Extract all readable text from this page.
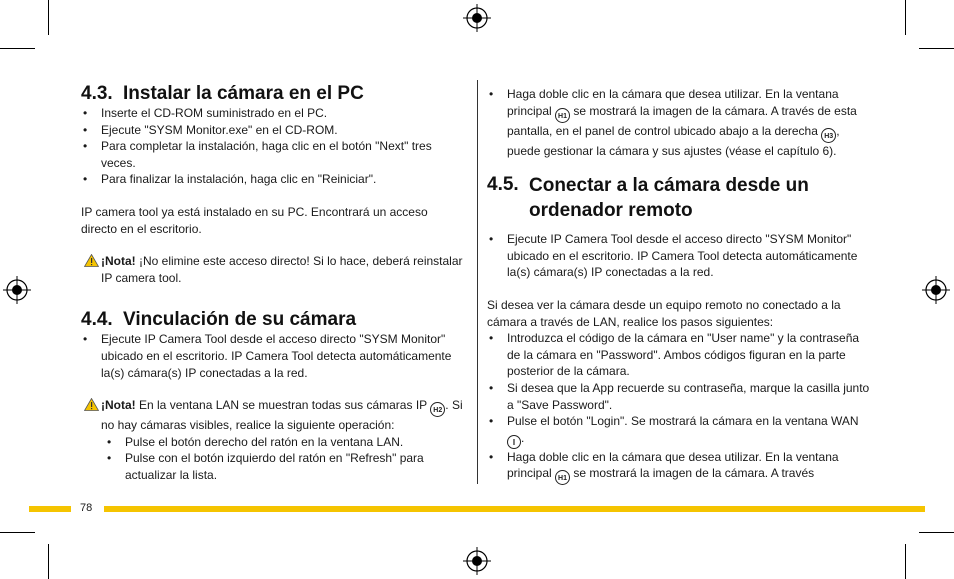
4.3. Instalar la cámara en el PC
• Inserte el CD-ROM suministrado en el PC.
• Ejecute "SYSM Monitor.exe" en el CD-ROM.
• Para completar la instalación, haga clic en el botón "Next" tres veces.
• Para finalizar la instalación, haga clic en "Reiniciar".

IP camera tool ya está instalado en su PC. Encontrará un acceso directo en el escritorio.

¡Nota! ¡No elimine este acceso directo! Si lo hace, deberá reinstalar IP camera tool.
4.4. Vinculación de su cámara
• Ejecute IP Camera Tool desde el acceso directo "SYSM Monitor" ubicado en el escritorio. IP Camera Tool detecta automáticamente la(s) cámara(s) IP conectadas a la red.
¡Nota! En la ventana LAN se muestran todas sus cámaras IP H2 . Si no hay cámaras visibles, realice la siguiente operación:
• Pulse el botón derecho del ratón en la ventana LAN.
• Pulse con el botón izquierdo del ratón en "Refresh" para actualizar la lista.
• Haga doble clic en la cámara que desea utilizar. En la ventana principal H1 se mostrará la imagen de la cámara. A través de esta pantalla, en el panel de control ubicado abajo a la derecha H3 , puede gestionar la cámara y sus ajustes (véase el capítulo 6).
4.5. Conectar a la cámara desde un ordenador remoto
• Ejecute IP Camera Tool desde el acceso directo "SYSM Monitor" ubicado en el escritorio. IP Camera Tool detecta automáticamente la(s) cámara(s) IP conectadas a la red.

Si desea ver la cámara desde un equipo remoto no conectado a la cámara a través de LAN, realice los pasos siguientes:

• Introduzca el código de la cámara en "User name" y la contraseña de la cámara en "Password". Ambos códigos figuran en la parte posterior de la cámara.
• Si desea que la App recuerde su contraseña, marque la casilla junto a "Save Password".
• Pulse el botón "Login". Se mostrará la cámara en la ventana WAN I .
• Haga doble clic en la cámara que desea utilizar. En la ventana principal H1 se mostrará la imagen de la cámara. A través
78
